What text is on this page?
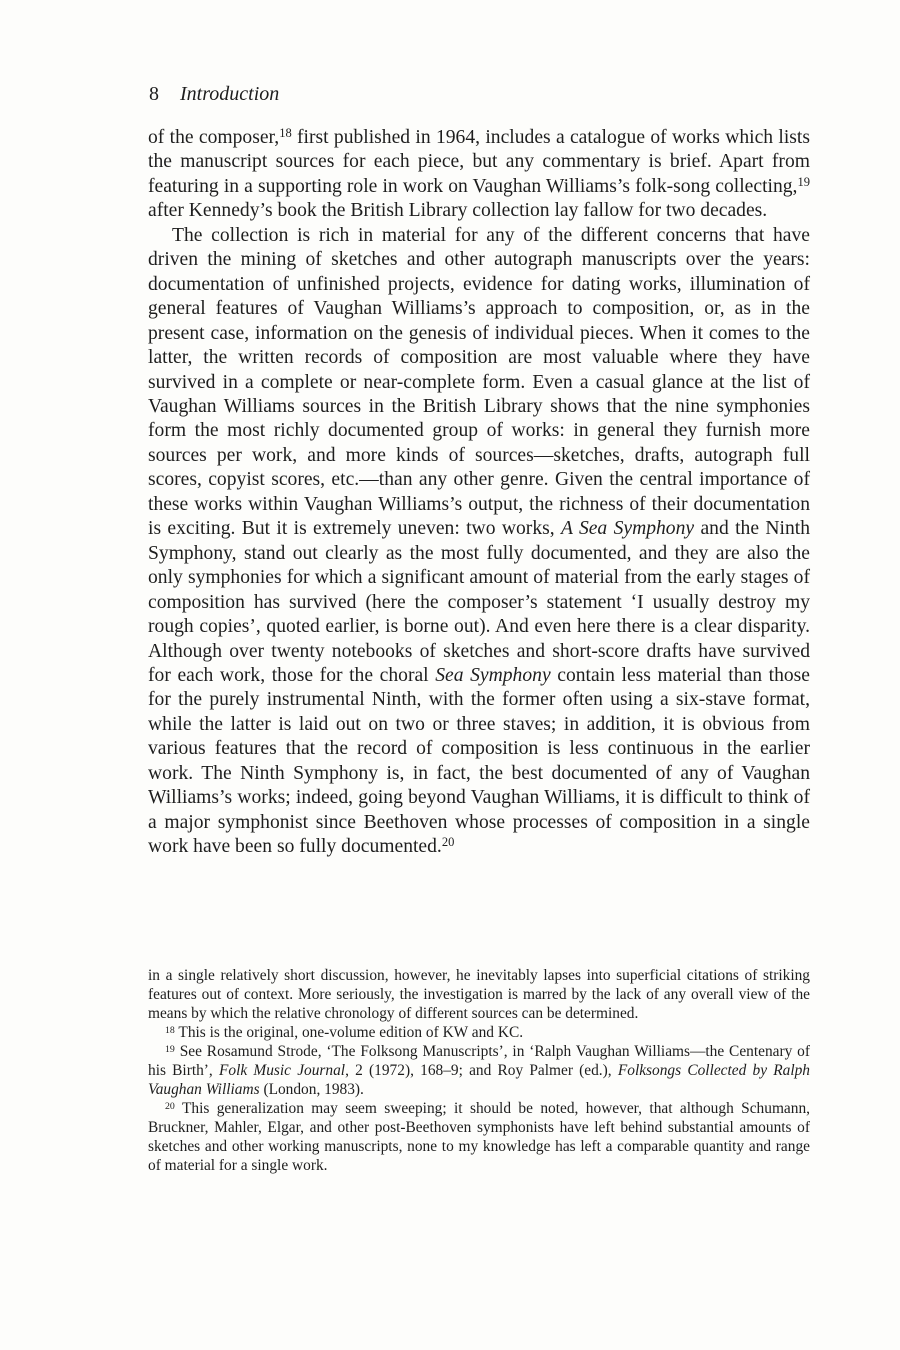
8 Introduction

of the composer,$^{18}$ first published in 1964, includes a catalogue of works which lists the manuscript sources for each piece, but any commentary is brief. Apart from featuring in a supporting role in work on Vaughan Williams’s folk-song collecting,$^{19}$ after Kennedy’s book the British Library collection lay fallow for two decades.

The collection is rich in material for any of the different concerns that have driven the mining of sketches and other autograph manuscripts over the years: documentation of unfinished projects, evidence for dating works, illumination of general features of Vaughan Williams’s approach to composition, or, as in the present case, information on the genesis of individual pieces. When it comes to the latter, the written records of composition are most valuable where they have survived in a complete or near-complete form. Even a casual glance at the list of Vaughan Williams sources in the British Library shows that the nine symphonies form the most richly documented group of works: in general they furnish more sources per work, and more kinds of sources—sketches, drafts, autograph full scores, copyist scores, etc.—than any other genre. Given the central importance of these works within Vaughan Williams’s output, the richness of their documentation is exciting. But it is extremely uneven: two works, A Sea Symphony and the Ninth Symphony, stand out clearly as the most fully documented, and they are also the only symphonies for which a significant amount of material from the early stages of composition has survived (here the composer’s statement ‘I usually destroy my rough copies’, quoted earlier, is borne out). And even here there is a clear disparity. Although over twenty notebooks of sketches and short-score drafts have survived for each work, those for the choral Sea Symphony contain less material than those for the purely instrumental Ninth, with the former often using a six-stave format, while the latter is laid out on two or three staves; in addition, it is obvious from various features that the record of composition is less continuous in the earlier work. The Ninth Symphony is, in fact, the best documented of any of Vaughan Williams’s works; indeed, going beyond Vaughan Williams, it is difficult to think of a major symphonist since Beethoven whose processes of composition in a single work have been so fully documented.$^{20}$

in a single relatively short discussion, however, he inevitably lapses into superficial citations of striking features out of context. More seriously, the investigation is marred by the lack of any overall view of the means by which the relative chronology of different sources can be determined.

$^{18}$ This is the original, one-volume edition of KW and KC.

$^{19}$ See Rosamund Strode, ‘The Folksong Manuscripts’, in ‘Ralph Vaughan Williams—the Centenary of his Birth’, Folk Music Journal, 2 (1972), 168–9; and Roy Palmer (ed.), Folksongs Collected by Ralph Vaughan Williams (London, 1983).

$^{20}$ This generalization may seem sweeping; it should be noted, however, that although Schumann, Bruckner, Mahler, Elgar, and other post-Beethoven symphonists have left behind substantial amounts of sketches and other working manuscripts, none to my knowledge has left a comparable quantity and range of material for a single work.
